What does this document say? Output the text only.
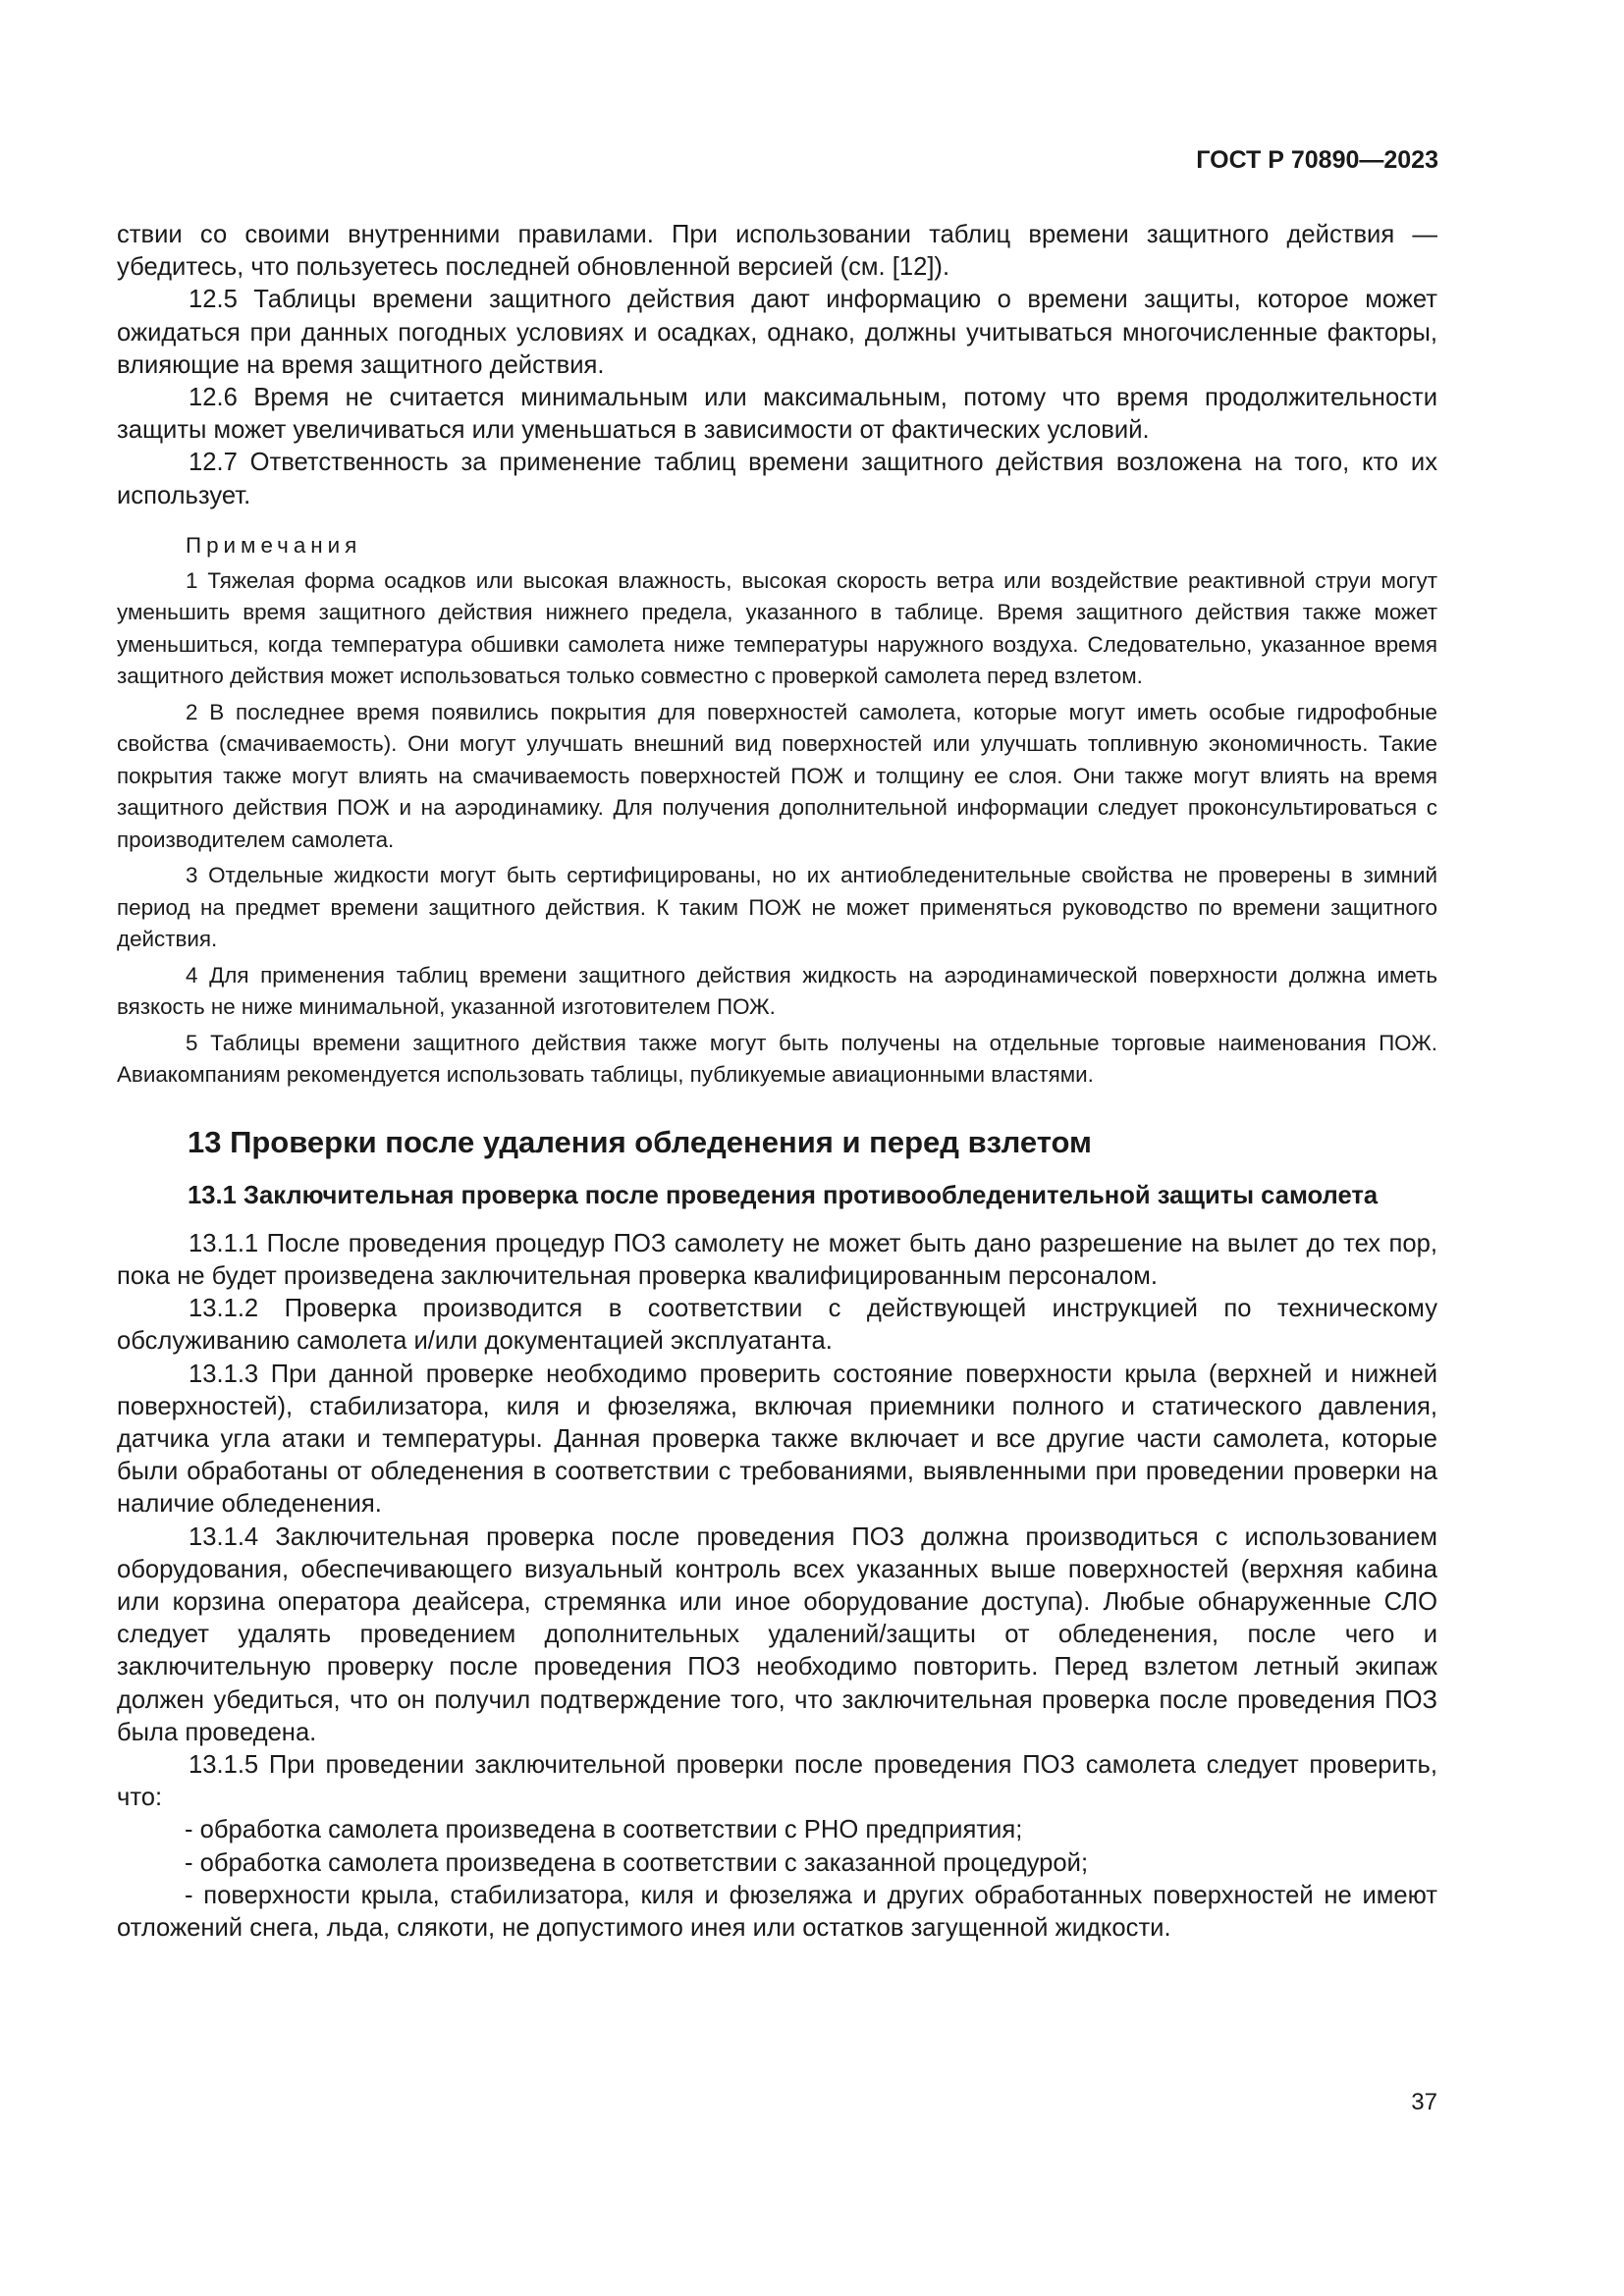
ГОСТ Р 70890—2023

ствии со своими внутренними правилами. При использовании таблиц времени защитного действия — убедитесь, что пользуетесь последней обновленной версией (см. [12]).

12.5 Таблицы времени защитного действия дают информацию о времени защиты, которое может ожидаться при данных погодных условиях и осадках, однако, должны учитываться многочисленные факторы, влияющие на время защитного действия.

12.6 Время не считается минимальным или максимальным, потому что время продолжительности защиты может увеличиваться или уменьшаться в зависимости от фактических условий.

12.7 Ответственность за применение таблиц времени защитного действия возложена на того, кто их использует.

Примечания

1 Тяжелая форма осадков или высокая влажность, высокая скорость ветра или воздействие реактивной струи могут уменьшить время защитного действия нижнего предела, указанного в таблице. Время защитного действия также может уменьшиться, когда температура обшивки самолета ниже температуры наружного воздуха. Следовательно, указанное время защитного действия может использоваться только совместно с проверкой самолета перед взлетом.

2 В последнее время появились покрытия для поверхностей самолета, которые могут иметь особые гидрофобные свойства (смачиваемость). Они могут улучшать внешний вид поверхностей или улучшать топливную экономичность. Такие покрытия также могут влиять на смачиваемость поверхностей ПОЖ и толщину ее слоя. Они также могут влиять на время защитного действия ПОЖ и на аэродинамику. Для получения дополнительной информации следует проконсультироваться с производителем самолета.

3 Отдельные жидкости могут быть сертифицированы, но их антиобледенительные свойства не проверены в зимний период на предмет времени защитного действия. К таким ПОЖ не может применяться руководство по времени защитного действия.

4 Для применения таблиц времени защитного действия жидкость на аэродинамической поверхности должна иметь вязкость не ниже минимальной, указанной изготовителем ПОЖ.

5 Таблицы времени защитного действия также могут быть получены на отдельные торговые наименования ПОЖ. Авиакомпаниям рекомендуется использовать таблицы, публикуемые авиационными властями.

13 Проверки после удаления обледенения и перед взлетом
13.1 Заключительная проверка после проведения противообледенительной защиты самолета

13.1.1 После проведения процедур ПОЗ самолету не может быть дано разрешение на вылет до тех пор, пока не будет произведена заключительная проверка квалифицированным персоналом.

13.1.2 Проверка производится в соответствии с действующей инструкцией по техническому обслуживанию самолета и/или документацией эксплуатанта.

13.1.3 При данной проверке необходимо проверить состояние поверхности крыла (верхней и нижней поверхностей), стабилизатора, киля и фюзеляжа, включая приемники полного и статического давления, датчика угла атаки и температуры. Данная проверка также включает и все другие части самолета, которые были обработаны от обледенения в соответствии с требованиями, выявленными при проведении проверки на наличие обледенения.

13.1.4 Заключительная проверка после проведения ПОЗ должна производиться с использованием оборудования, обеспечивающего визуальный контроль всех указанных выше поверхностей (верхняя кабина или корзина оператора деайсера, стремянка или иное оборудование доступа). Любые обнаруженные СЛО следует удалять проведением дополнительных удалений/защиты от обледенения, после чего и заключительную проверку после проведения ПОЗ необходимо повторить. Перед взлетом летный экипаж должен убедиться, что он получил подтверждение того, что заключительная проверка после проведения ПОЗ была проведена.

13.1.5 При проведении заключительной проверки после проведения ПОЗ самолета следует проверить, что:

- обработка самолета произведена в соответствии с РНО предприятия;

- обработка самолета произведена в соответствии с заказанной процедурой;

- поверхности крыла, стабилизатора, киля и фюзеляжа и других обработанных поверхностей не имеют отложений снега, льда, слякоти, не допустимого инея или остатков загущенной жидкости.

37
